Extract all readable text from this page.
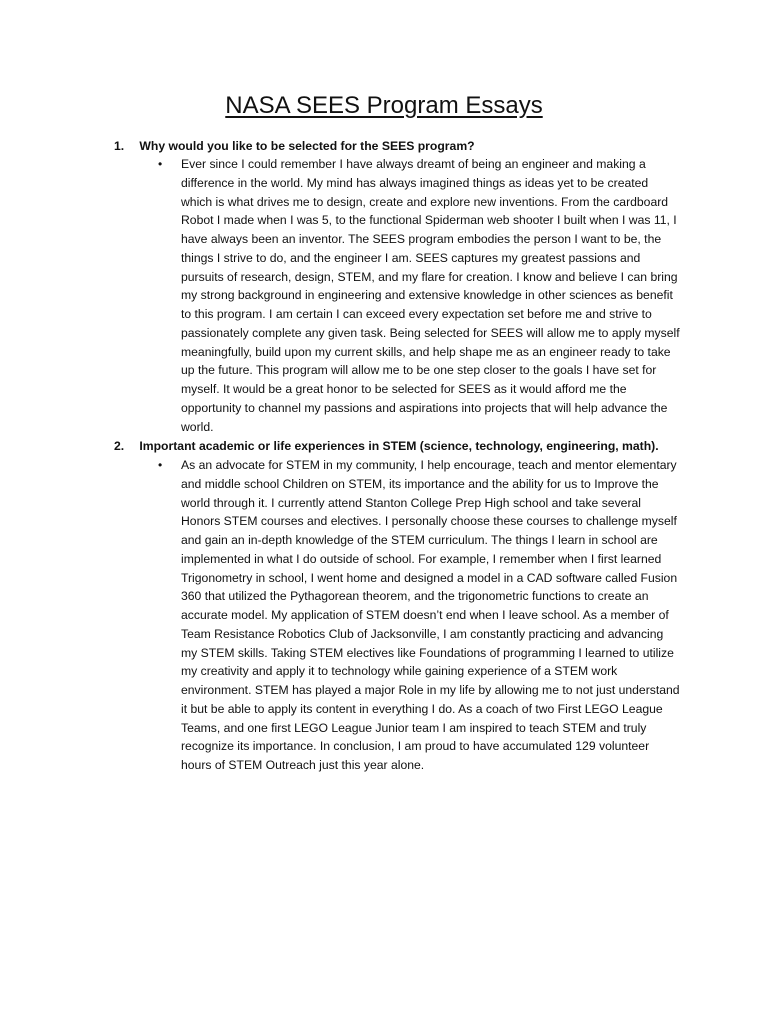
NASA SEES Program Essays
1. Why would you like to be selected for the SEES program?
• Ever since I could remember I have always dreamt of being an engineer and making a difference in the world. My mind has always imagined things as ideas yet to be created which is what drives me to design, create and explore new inventions. From the cardboard Robot I made when I was 5, to the functional Spiderman web shooter I built when I was 11, I have always been an inventor. The SEES program embodies the person I want to be, the things I strive to do, and the engineer I am. SEES captures my greatest passions and pursuits of research, design, STEM, and my flare for creation. I know and believe I can bring my strong background in engineering and extensive knowledge in other sciences as benefit to this program. I am certain I can exceed every expectation set before me and strive to passionately complete any given task. Being selected for SEES will allow me to apply myself meaningfully, build upon my current skills, and help shape me as an engineer ready to take up the future. This program will allow me to be one step closer to the goals I have set for myself. It would be a great honor to be selected for SEES as it would afford me the opportunity to channel my passions and aspirations into projects that will help advance the world.
2. Important academic or life experiences in STEM (science, technology, engineering, math).
• As an advocate for STEM in my community, I help encourage, teach and mentor elementary and middle school Children on STEM, its importance and the ability for us to Improve the world through it. I currently attend Stanton College Prep High school and take several Honors STEM courses and electives. I personally choose these courses to challenge myself and gain an in-depth knowledge of the STEM curriculum. The things I learn in school are implemented in what I do outside of school. For example, I remember when I first learned Trigonometry in school, I went home and designed a model in a CAD software called Fusion 360 that utilized the Pythagorean theorem, and the trigonometric functions to create an accurate model. My application of STEM doesn’t end when I leave school. As a member of Team Resistance Robotics Club of Jacksonville, I am constantly practicing and advancing my STEM skills. Taking STEM electives like Foundations of programming I learned to utilize my creativity and apply it to technology while gaining experience of a STEM work environment. STEM has played a major Role in my life by allowing me to not just understand it but be able to apply its content in everything I do. As a coach of two First LEGO League Teams, and one first LEGO League Junior team I am inspired to teach STEM and truly recognize its importance. In conclusion, I am proud to have accumulated 129 volunteer hours of STEM Outreach just this year alone.
